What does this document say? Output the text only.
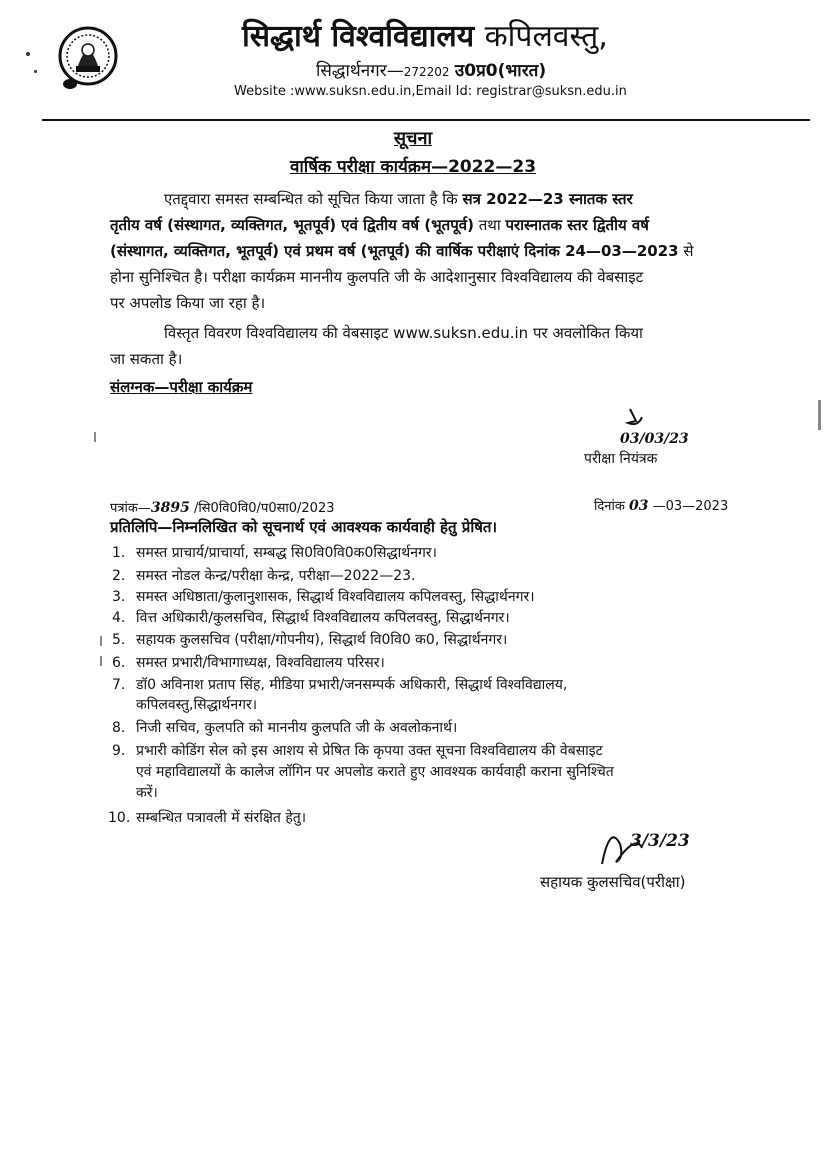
सिद्धार्थ विश्वविद्यालय कपिलवस्तु,
सिद्धार्थनगर—272202 उ0प्र0(भारत)
Website :www.suksn.edu.in,Email Id: registrar@suksn.edu.in
सूचना
वार्षिक परीक्षा कार्यक्रम—2022—23
एतद्द्वारा समस्त सम्बन्धित को सूचित किया जाता है कि सत्र 2022—23 स्नातक स्तर
तृतीय वर्ष (संस्थागत, व्यक्तिगत, भूतपूर्व) एवं द्वितीय वर्ष (भूतपूर्व) तथा परास्नातक स्तर द्वितीय वर्ष
(संस्थागत, व्यक्तिगत, भूतपूर्व) एवं प्रथम वर्ष (भूतपूर्व) की वार्षिक परीक्षाएं दिनांक 24—03—2023 से
होना सुनिश्चित है। परीक्षा कार्यक्रम माननीय कुलपति जी के आदेशानुसार विश्वविद्यालय की वेबसाइट
पर अपलोड किया जा रहा है।
विस्तृत विवरण विश्वविद्यालय की वेबसाइट www.suksn.edu.in पर अवलोकित किया
जा सकता है।
संलग्नक—परीक्षा कार्यक्रम
03/03/23
परीक्षा नियंत्रक
पत्रांक—3895 /सि0वि0वि0/प0सा0/2023	दिनांक 03 —03—2023
प्रतिलिपि—निम्नलिखित को सूचनार्थ एवं आवश्यक कार्यवाही हेतु प्रेषित।
1. समस्त प्राचार्य/प्राचार्या, सम्बद्ध सि0वि0वि0क0सिद्धार्थनगर।
2. समस्त नोडल केन्द्र/परीक्षा केन्द्र, परीक्षा—2022—23.
3. समस्त अधिष्ठाता/कुलानुशासक, सिद्धार्थ विश्वविद्यालय कपिलवस्तु, सिद्धार्थनगर।
4. वित्त अधिकारी/कुलसचिव, सिद्धार्थ विश्वविद्यालय कपिलवस्तु, सिद्धार्थनगर।
5. सहायक कुलसचिव (परीक्षा/गोपनीय), सिद्धार्थ वि0वि0 क0, सिद्धार्थनगर।
6. समस्त प्रभारी/विभागाध्यक्ष, विश्वविद्यालय परिसर।
7. डॉ0 अविनाश प्रताप सिंह, मीडिया प्रभारी/जनसम्पर्क अधिकारी, सिद्धार्थ विश्वविद्यालय,
कपिलवस्तु,सिद्धार्थनगर।
8. निजी सचिव, कुलपति को माननीय कुलपति जी के अवलोकनार्थ।
9. प्रभारी कोडिंग सेल को इस आशय से प्रेषित कि कृपया उक्त सूचना विश्वविद्यालय की वेबसाइट
एवं महाविद्यालयों के कालेज लॉगिन पर अपलोड कराते हुए आवश्यक कार्यवाही कराना सुनिश्चित
करें।
10. सम्बन्धित पत्रावली में संरक्षित हेतु।
3/3/23
सहायक कुलसचिव(परीक्षा)
